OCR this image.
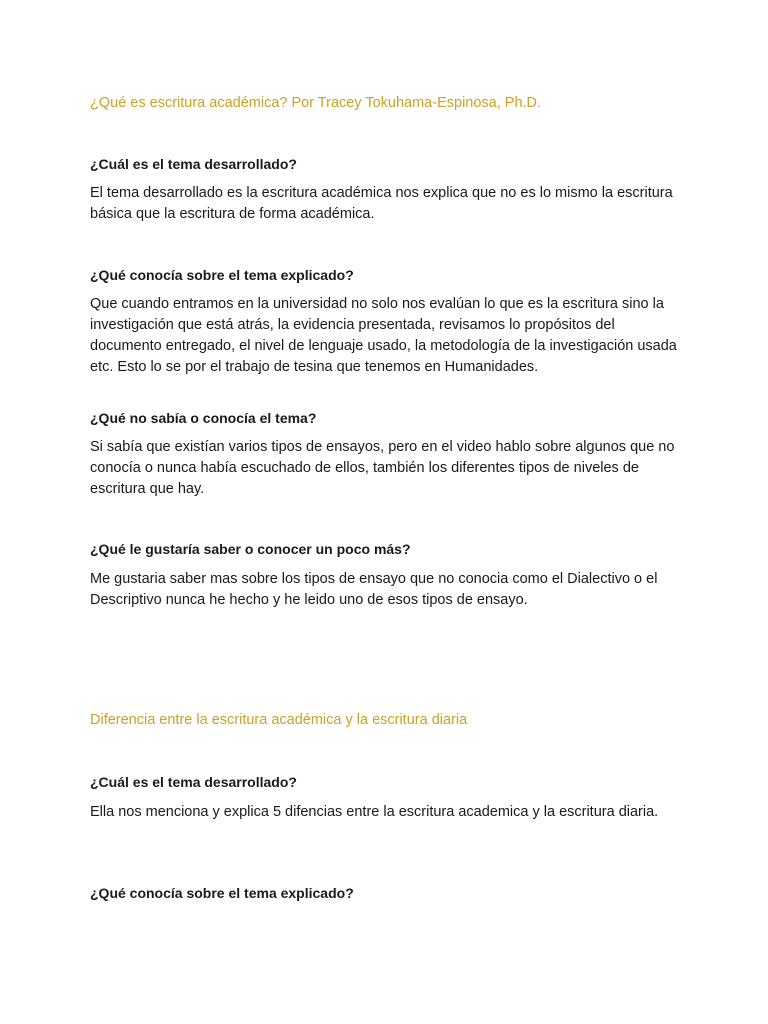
¿Qué es escritura académica? Por Tracey Tokuhama-Espinosa, Ph.D.

¿Cuál es el tema desarrollado?

El tema desarrollado es la escritura académica nos explica que no es lo mismo la escritura básica que la escritura de forma académica.

¿Qué conocía sobre el tema explicado?

Que cuando entramos en la universidad no solo nos evalúan lo que es la escritura sino la investigación que está atrás, la evidencia presentada, revisamos lo propósitos del documento entregado, el nivel de lenguaje usado, la metodología de la investigación usada etc. Esto lo se por el trabajo de tesina que tenemos en Humanidades.

¿Qué no sabía o conocía el tema?

Si sabía que existían varios tipos de ensayos, pero en el video hablo sobre algunos que no conocía o nunca había escuchado de ellos, también los diferentes tipos de niveles de escritura que hay.

¿Qué le gustaría saber o conocer un poco más?

Me gustaria saber mas sobre los tipos de ensayo que no conocia como el Dialectivo o el Descriptivo nunca he hecho y he leido uno de esos tipos de ensayo.

Diferencia entre la escritura académica y la escritura diaria

¿Cuál es el tema desarrollado?

Ella nos menciona y explica 5 difencias entre la escritura academica y la escritura diaria.

¿Qué conocía sobre el tema explicado?
